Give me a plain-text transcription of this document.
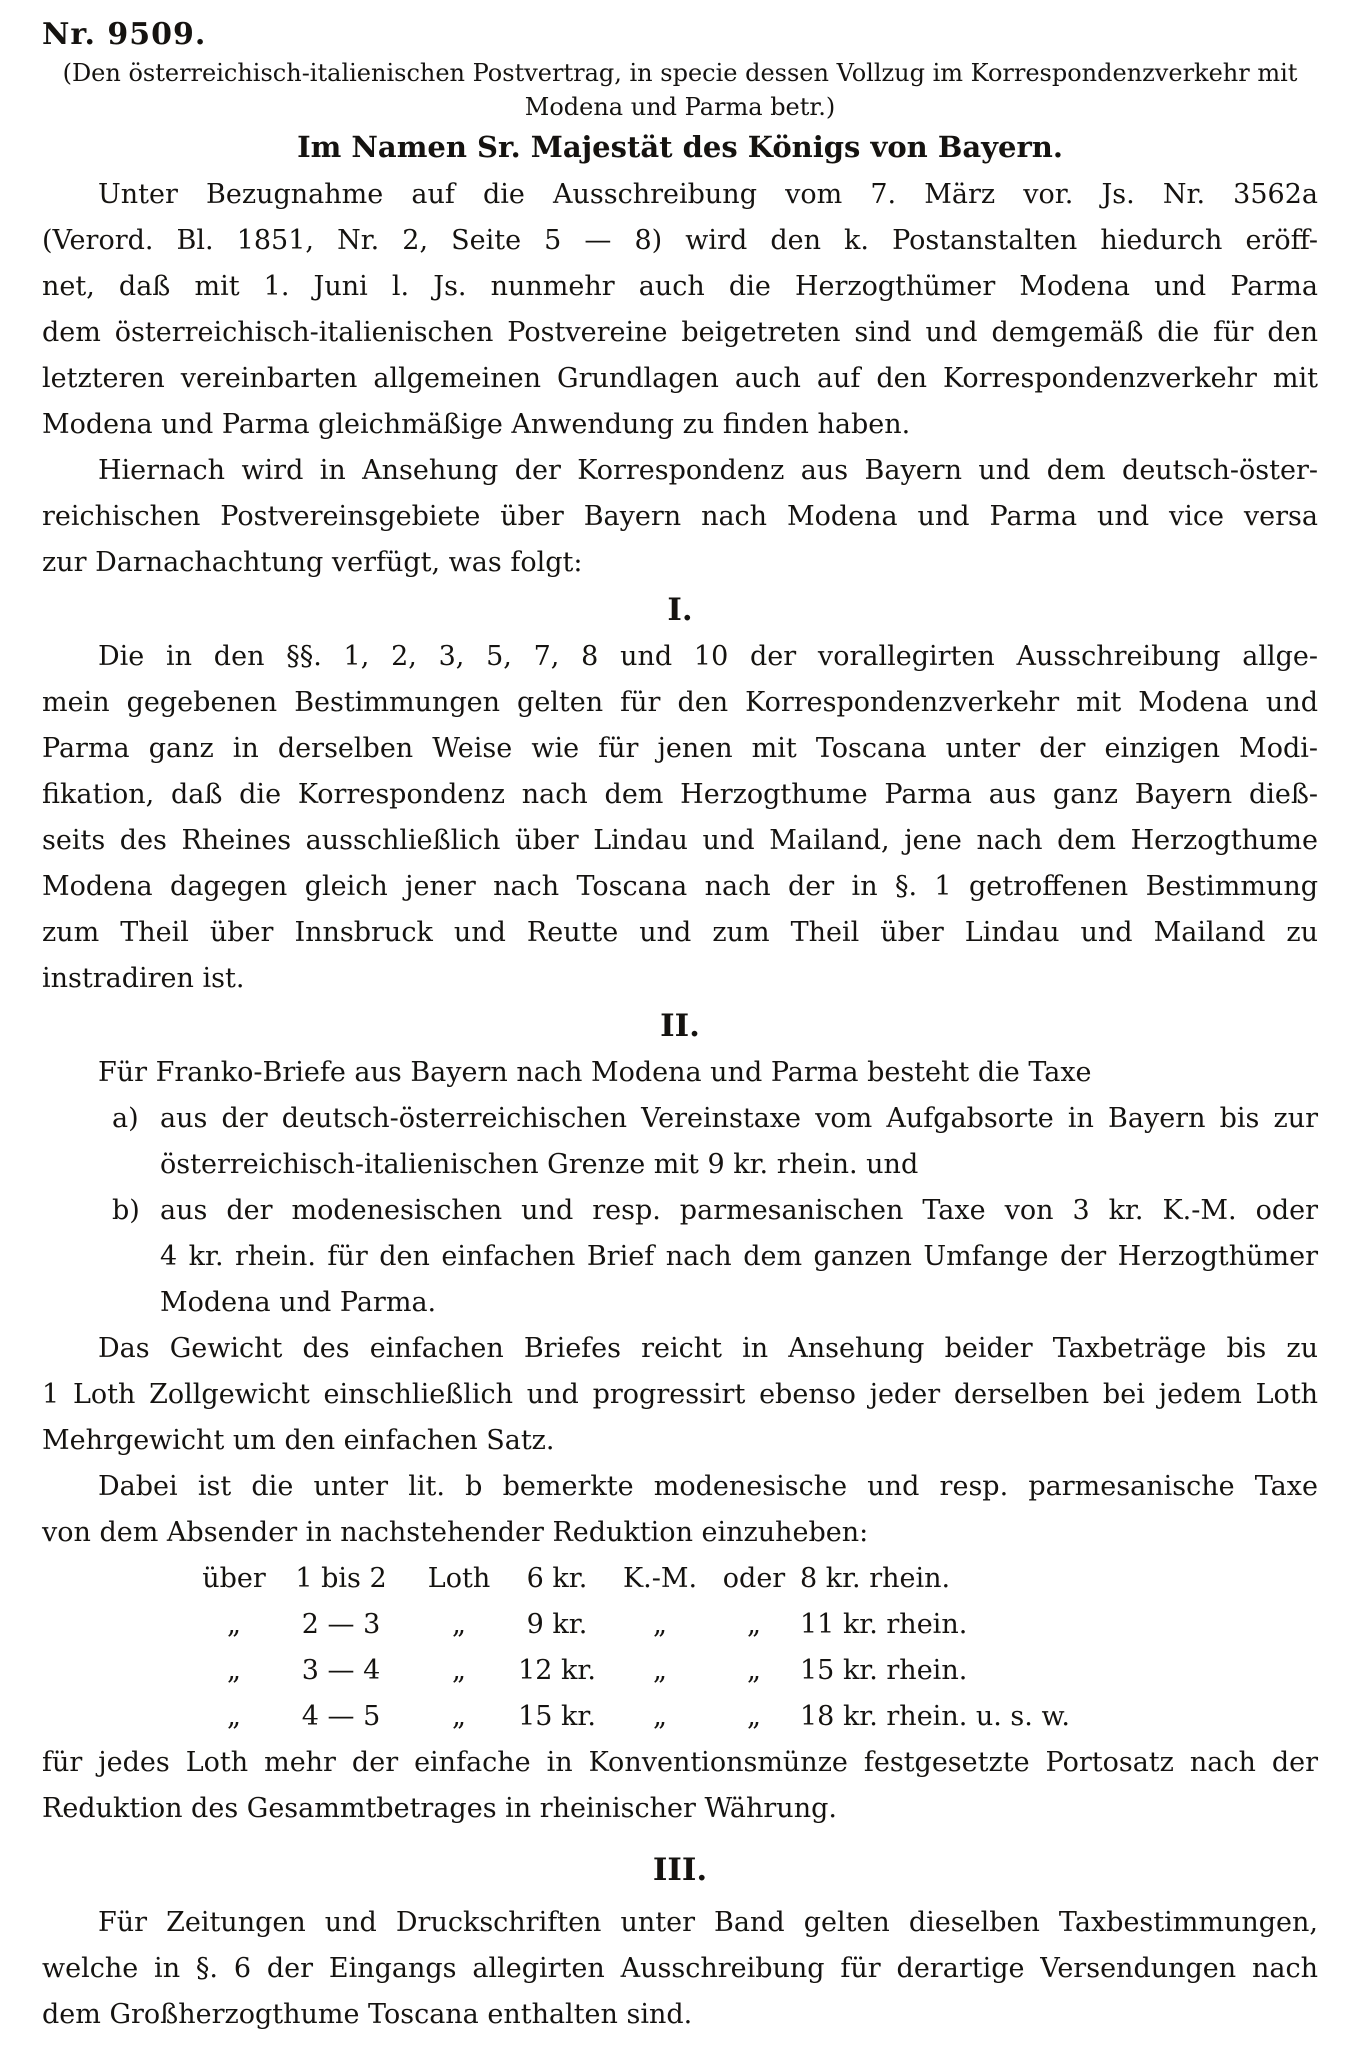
Nr. 9509.
(Den österreichisch-italienischen Postvertrag, in specie dessen Vollzug im Korrespondenzverkehr mit
Modena und Parma betr.)
Im Namen Sr. Majestät des Königs von Bayern.
Unter Bezugnahme auf die Ausschreibung vom 7. März vor. Js. Nr. 3562a
(Verord. Bl. 1851, Nr. 2, Seite 5 — 8) wird den k. Postanstalten hiedurch eröff-
net, daß mit 1. Juni l. Js. nunmehr auch die Herzogthümer Modena und Parma
dem österreichisch-italienischen Postvereine beigetreten sind und demgemäß die für den
letzteren vereinbarten allgemeinen Grundlagen auch auf den Korrespondenzverkehr mit
Modena und Parma gleichmäßige Anwendung zu finden haben.
Hiernach wird in Ansehung der Korrespondenz aus Bayern und dem deutsch-öster-
reichischen Postvereinsgebiete über Bayern nach Modena und Parma und vice versa
zur Darnachachtung verfügt, was folgt:
I.
Die in den §§. 1, 2, 3, 5, 7, 8 und 10 der vorallegirten Ausschreibung allge-
mein gegebenen Bestimmungen gelten für den Korrespondenzverkehr mit Modena und
Parma ganz in derselben Weise wie für jenen mit Toscana unter der einzigen Modi-
fikation, daß die Korrespondenz nach dem Herzogthume Parma aus ganz Bayern dieß-
seits des Rheines ausschließlich über Lindau und Mailand, jene nach dem Herzogthume
Modena dagegen gleich jener nach Toscana nach der in §. 1 getroffenen Bestimmung
zum Theil über Innsbruck und Reutte und zum Theil über Lindau und Mailand zu
instradiren ist.
II.
Für Franko-Briefe aus Bayern nach Modena und Parma besteht die Taxe
a) aus der deutsch-österreichischen Vereinstaxe vom Aufgabsorte in Bayern bis zur
österreichisch-italienischen Grenze mit 9 kr. rhein. und
b) aus der modenesischen und resp. parmesanischen Taxe von 3 kr. K.-M. oder
4 kr. rhein. für den einfachen Brief nach dem ganzen Umfange der Herzogthümer
Modena und Parma.
Das Gewicht des einfachen Briefes reicht in Ansehung beider Taxbeträge bis zu
1 Loth Zollgewicht einschließlich und progressirt ebenso jeder derselben bei jedem Loth
Mehrgewicht um den einfachen Satz.
Dabei ist die unter lit. b bemerkte modenesische und resp. parmesanische Taxe
von dem Absender in nachstehender Reduktion einzuheben:
über	1 bis 2	Loth	6 kr.	K.-M. oder 8 kr. rhein.
„	2 — 3	„	9 kr.	„	„	11 kr. rhein.
„	3 — 4	„	12 kr.	„	„	15 kr. rhein.
„	4 — 5	„	15 kr.	„	„	18 kr. rhein. u. s. w.
für jedes Loth mehr der einfache in Konventionsmünze festgesetzte Portosatz nach der
Reduktion des Gesammtbetrages in rheinischer Währung.
III.
Für Zeitungen und Druckschriften unter Band gelten dieselben Taxbestimmungen,
welche in §. 6 der Eingangs allegirten Ausschreibung für derartige Versendungen nach
dem Großherzogthume Toscana enthalten sind.
